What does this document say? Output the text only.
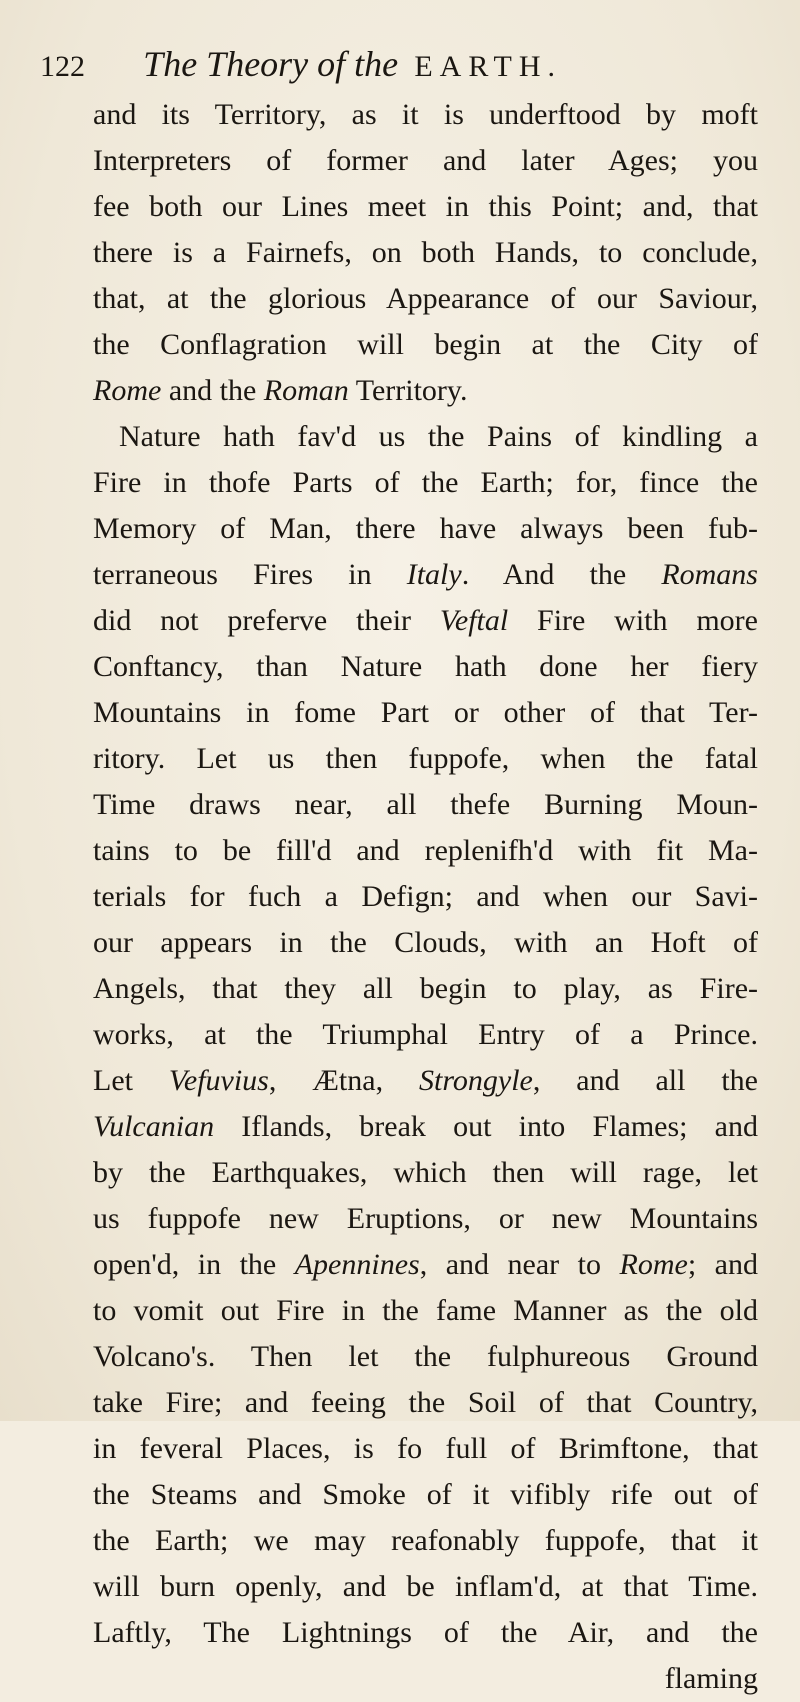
122 The Theory of the EARTH.
and its Territory, as it is underftood by moft
Interpreters of former and later Ages; you
fee both our Lines meet in this Point; and, that
there is a Fairnefs, on both Hands, to conclude,
that, at the glorious Appearance of our Saviour,
the Conflagration will begin at the City of
Rome and the Roman Territory.
Nature hath fav'd us the Pains of kindling a
Fire in thofe Parts of the Earth; for, fince the
Memory of Man, there have always been fub-
terraneous Fires in Italy. And the Romans
did not preferve their Veftal Fire with more
Conftancy, than Nature hath done her fiery
Mountains in fome Part or other of that Ter-
ritory. Let us then fuppofe, when the fatal
Time draws near, all thefe Burning Moun-
tains to be fill'd and replenifh'd with fit Ma-
terials for fuch a Defign; and when our Savi-
our appears in the Clouds, with an Hoft of
Angels, that they all begin to play, as Fire-
works, at the Triumphal Entry of a Prince.
Let Vefuvius, Ætna, Strongyle, and all the
Vulcanian Iflands, break out into Flames; and
by the Earthquakes, which then will rage, let
us fuppofe new Eruptions, or new Mountains
open'd, in the Apennines, and near to Rome; and
to vomit out Fire in the fame Manner as the old
Volcano's. Then let the fulphureous Ground
take Fire; and feeing the Soil of that Country,
in feveral Places, is fo full of Brimftone, that
the Steams and Smoke of it vifibly rife out of
the Earth; we may reafonably fuppofe, that it
will burn openly, and be inflam'd, at that Time.
Laftly, The Lightnings of the Air, and the
flaming
